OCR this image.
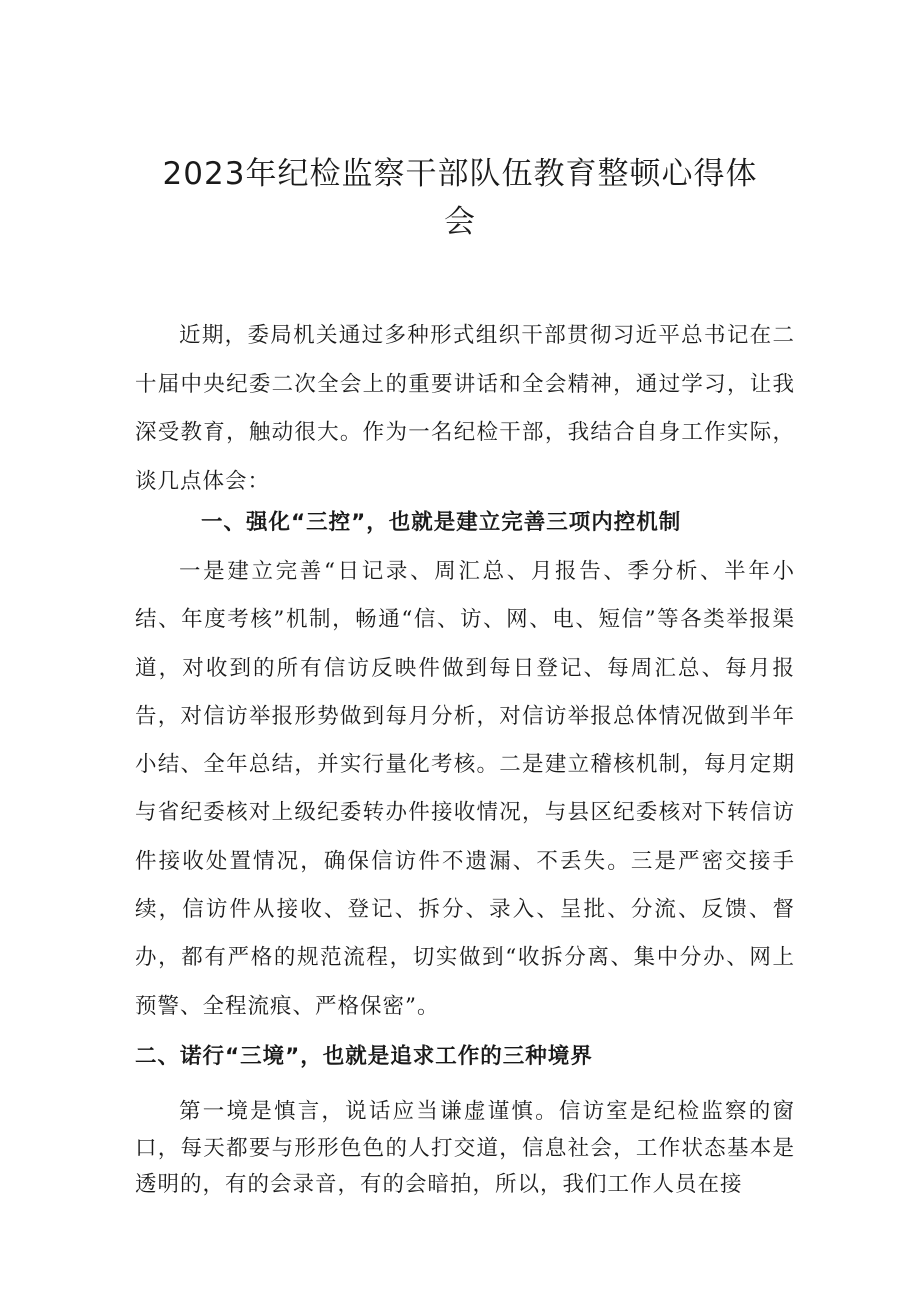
2023年纪检监察干部队伍教育整顿心得体
会

近期，委局机关通过多种形式组织干部贯彻习近平总书记在二十届中央纪委二次全会上的重要讲话和全会精神，通过学习，让我深受教育，触动很大。作为一名纪检干部，我结合自身工作实际，谈几点体会：

一、强化“三控”，也就是建立完善三项内控机制

一是建立完善“日记录、周汇总、月报告、季分析、半年小结、年度考核”机制，畅通“信、访、网、电、短信”等各类举报渠道，对收到的所有信访反映件做到每日登记、每周汇总、每月报告，对信访举报形势做到每月分析，对信访举报总体情况做到半年小结、全年总结，并实行量化考核。二是建立稽核机制，每月定期与省纪委核对上级纪委转办件接收情况，与县区纪委核对下转信访件接收处置情况，确保信访件不遗漏、不丢失。三是严密交接手续，信访件从接收、登记、拆分、录入、呈批、分流、反馈、督办，都有严格的规范流程，切实做到“收拆分离、集中分办、网上预警、全程流痕、严格保密”。

二、诺行“三境”，也就是追求工作的三种境界

第一境是慎言，说话应当谦虚谨慎。信访室是纪检监察的窗口，每天都要与形形色色的人打交道，信息社会，工作状态基本是透明的，有的会录音，有的会暗拍，所以，我们工作人员在接
